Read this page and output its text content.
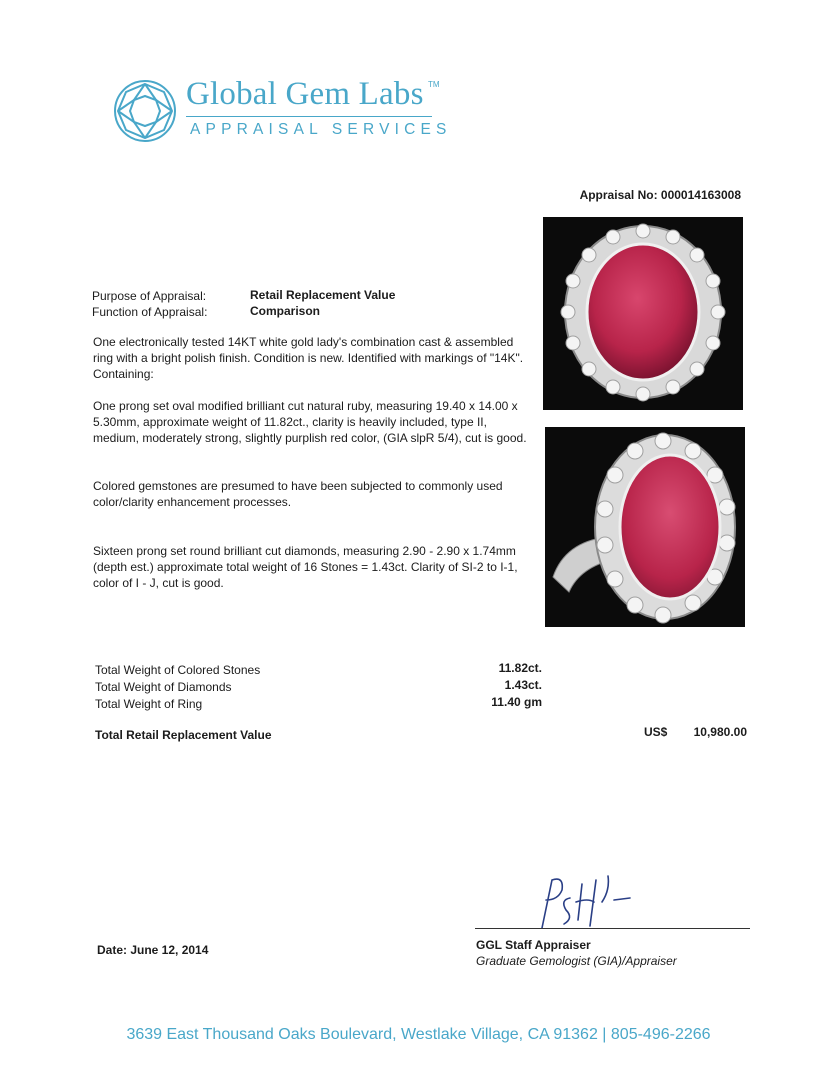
Global Gem Labs TM
APPRAISAL SERVICES
Appraisal No: 000014163008
Purpose of Appraisal:	Retail Replacement Value
Function of Appraisal:	Comparison

One electronically tested 14KT white gold lady's combination cast & assembled ring with a bright polish finish. Condition is new. Identified with markings of "14K". Containing:

One prong set oval modified brilliant cut natural ruby, measuring 19.40 x 14.00 x 5.30mm, approximate weight of 11.82ct., clarity is heavily included, type II, medium, moderately strong, slightly purplish red color, (GIA slpR 5/4), cut is good.

Colored gemstones are presumed to have been subjected to commonly used color/clarity enhancement processes.

Sixteen prong set round brilliant cut diamonds, measuring 2.90 - 2.90 x 1.74mm (depth est.) approximate total weight of 16 Stones = 1.43ct. Clarity of SI-2 to I-1, color of I - J, cut is good.

Total Weight of Colored Stones	11.82ct.
Total Weight of Diamonds	1.43ct.
Total Weight of Ring	11.40 gm
Total Retail Replacement Value	US$ 10,980.00
Date: June 12, 2014	GGL Staff Appraiser
Graduate Gemologist (GIA)/Appraiser
3639 East Thousand Oaks Boulevard, Westlake Village, CA 91362 | 805-496-2266
